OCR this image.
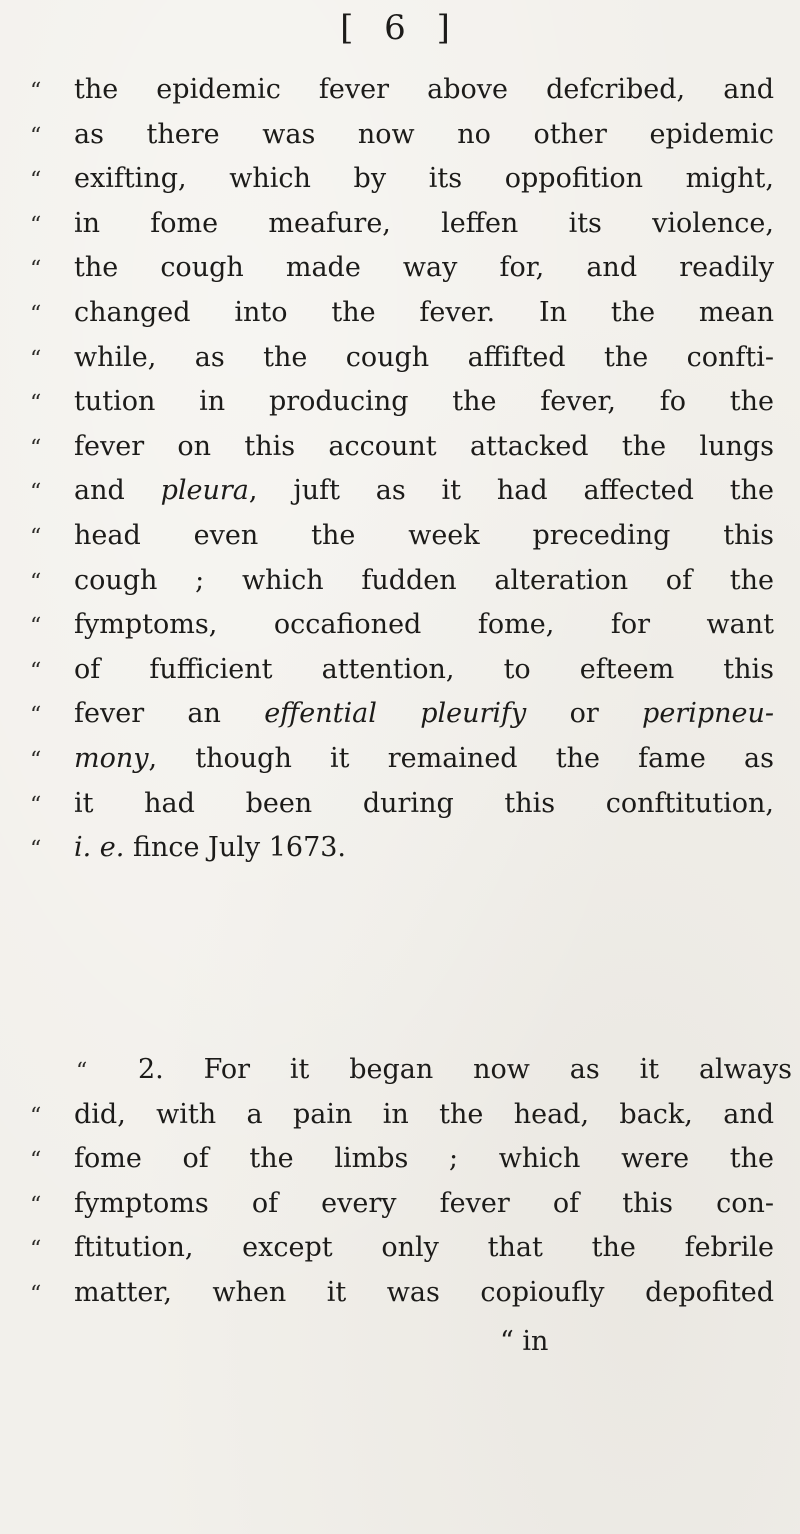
[ 6 ]
“ the epidemic fever above defcribed, and
“ as there was now no other epidemic
“ exifting, which by its oppofition might,
“ in fome meafure, leffen its violence,
“ the cough made way for, and readily
“ changed into the fever. In the mean
“ while, as the cough affifted the confti-
“ tution in producing the fever, fo the
“ fever on this account attacked the lungs
“ and pleura, juft as it had affected the
“ head even the week preceding this
“ cough ; which fudden alteration of the
“ fymptoms, occafioned fome, for want
“ of fufficient attention, to efteem this
“ fever an effential pleurify or peripneu-
“ mony, though it remained the fame as
“ it had been during this conftitution,
“ i. e. fince July 1673.
“ 2. For it began now as it always
“ did, with a pain in the head, back, and
“ fome of the limbs ; which were the
“ fymptoms of every fever of this con-
“ ftitution, except only that the febrile
“ matter, when it was copioufly depofited
“ in
